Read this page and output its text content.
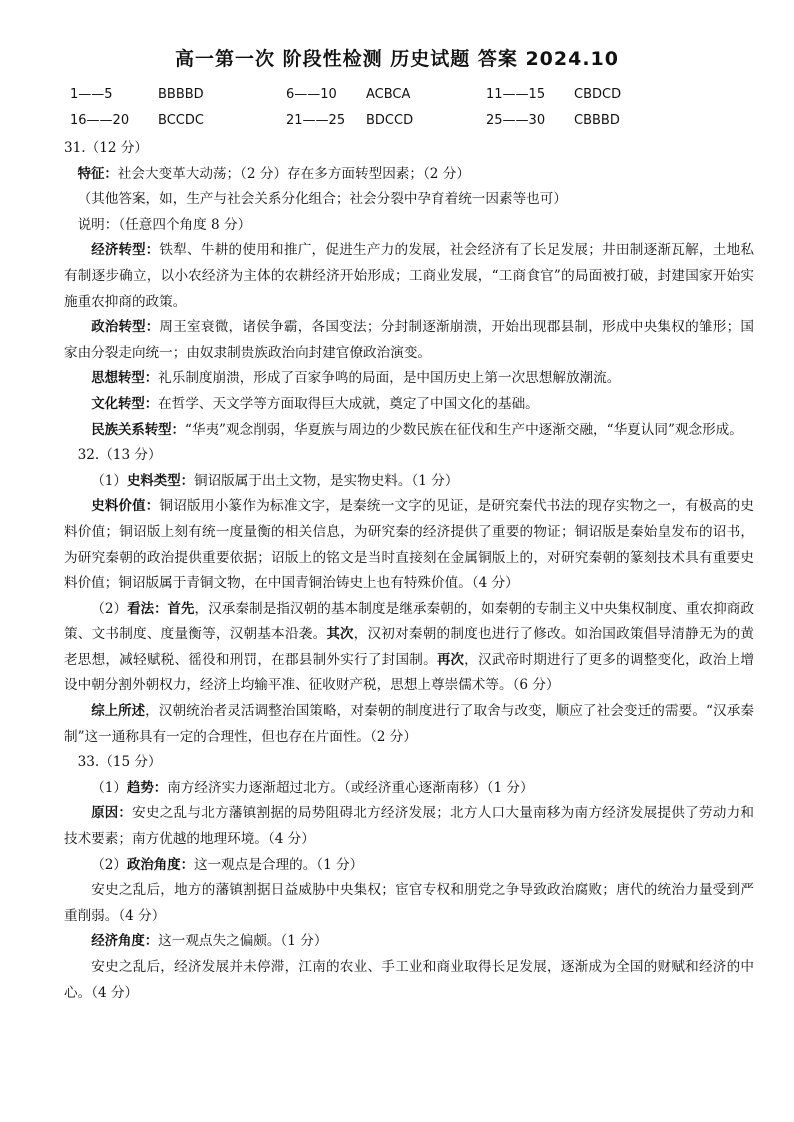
高一第一次 阶段性检测 历史试题 答案 2024.10
1——5	BBBBD	6——10 ACBCA	11——15 CBDCD
16——20 BCCDC	21——25 BDCCD	25——30 CBBBD

31.（12 分）

特征：社会大变革大动荡；（2 分）存在多方面转型因素；（2 分）

（其他答案，如，生产与社会关系分化组合；社会分裂中孕育着统一因素等也可）

说明：（任意四个角度 8 分）

经济转型：铁犁、牛耕的使用和推广，促进生产力的发展，社会经济有了长足发展；井田制逐渐瓦解，土地私有制逐步确立，以小农经济为主体的农耕经济开始形成；工商业发展，“工商食官”的局面被打破，封建国家开始实施重农抑商的政策。

政治转型：周王室衰微，诸侯争霸，各国变法；分封制逐渐崩溃，开始出现郡县制，形成中央集权的雏形；国家由分裂走向统一；由奴隶制贵族政治向封建官僚政治演变。

思想转型：礼乐制度崩溃，形成了百家争鸣的局面，是中国历史上第一次思想解放潮流。

文化转型：在哲学、天文学等方面取得巨大成就，奠定了中国文化的基础。

民族关系转型：“华夷”观念削弱，华夏族与周边的少数民族在征伐和生产中逐渐交融，“华夏认同”观念形成。

32.（13 分）

（1）史料类型：铜诏版属于出土文物，是实物史料。（1 分）

史料价值：铜诏版用小篆作为标准文字，是秦统一文字的见证，是研究秦代书法的现存实物之一，有极高的史料价值；铜诏版上刻有统一度量衡的相关信息，为研究秦的经济提供了重要的物证；铜诏版是秦始皇发布的诏书，为研究秦朝的政治提供重要依据；诏版上的铭文是当时直接刻在金属铜版上的，对研究秦朝的篆刻技术具有重要史料价值；铜诏版属于青铜文物，在中国青铜治铸史上也有特殊价值。（4 分）

（2）看法：首先，汉承秦制是指汉朝的基本制度是继承秦朝的，如秦朝的专制主义中央集权制度、重农抑商政策、文书制度、度量衡等，汉朝基本沿袭。其次，汉初对秦朝的制度也进行了修改。如治国政策倡导清静无为的黄老思想，减轻赋税、徭役和刑罚，在郡县制外实行了封国制。再次，汉武帝时期进行了更多的调整变化，政治上增设中朝分割外朝权力，经济上均输平准、征收财产税，思想上尊崇儒术等。（6 分）

综上所述，汉朝统治者灵活调整治国策略，对秦朝的制度进行了取舍与改变，顺应了社会变迁的需要。“汉承秦制”这一通称具有一定的合理性，但也存在片面性。（2 分）

33.（15 分）

（1）趋势：南方经济实力逐渐超过北方。（或经济重心逐渐南移）（1 分）

原因：安史之乱与北方藩镇割据的局势阻碍北方经济发展；北方人口大量南移为南方经济发展提供了劳动力和技术要素；南方优越的地理环境。（4 分）

（2）政治角度：这一观点是合理的。（1 分）

安史之乱后，地方的藩镇割据日益威胁中央集权；宦官专权和朋党之争导致政治腐败；唐代的统治力量受到严重削弱。（4 分）

经济角度：这一观点失之偏颇。（1 分）

安史之乱后，经济发展并未停滞，江南的农业、手工业和商业取得长足发展，逐渐成为全国的财赋和经济的中心。（4 分）
